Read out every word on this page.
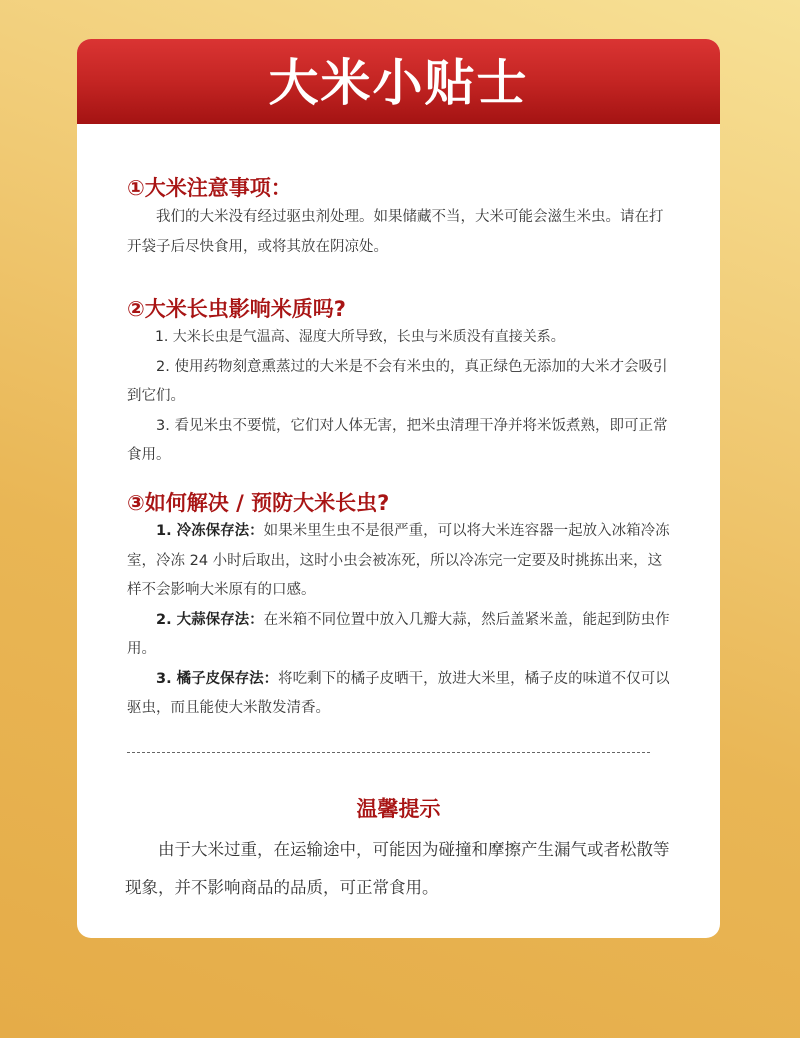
大米小贴士
①大米注意事项：

我们的大米没有经过驱虫剂处理。如果储藏不当，大米可能会滋生米虫。请在打开袋子后尽快食用，或将其放在阴凉处。

②大米长虫影响米质吗?

1. 大米长虫是气温高、湿度大所导致，长虫与米质没有直接关系。

2. 使用药物刻意熏蒸过的大米是不会有米虫的，真正绿色无添加的大米才会吸引到它们。

3. 看见米虫不要慌，它们对人体无害，把米虫清理干净并将米饭煮熟，即可正常食用。

③如何解决 / 预防大米长虫?

1. 冷冻保存法：如果米里生虫不是很严重，可以将大米连容器一起放入冰箱冷冻室，冷冻 24 小时后取出，这时小虫会被冻死，所以冷冻完一定要及时挑拣出来，这样不会影响大米原有的口感。

2. 大蒜保存法：在米箱不同位置中放入几瓣大蒜，然后盖紧米盖，能起到防虫作用。

3. 橘子皮保存法：将吃剩下的橘子皮晒干，放进大米里，橘子皮的味道不仅可以驱虫，而且能使大米散发清香。

温馨提示

由于大米过重，在运输途中，可能因为碰撞和摩擦产生漏气或者松散等现象，并不影响商品的品质，可正常食用。
